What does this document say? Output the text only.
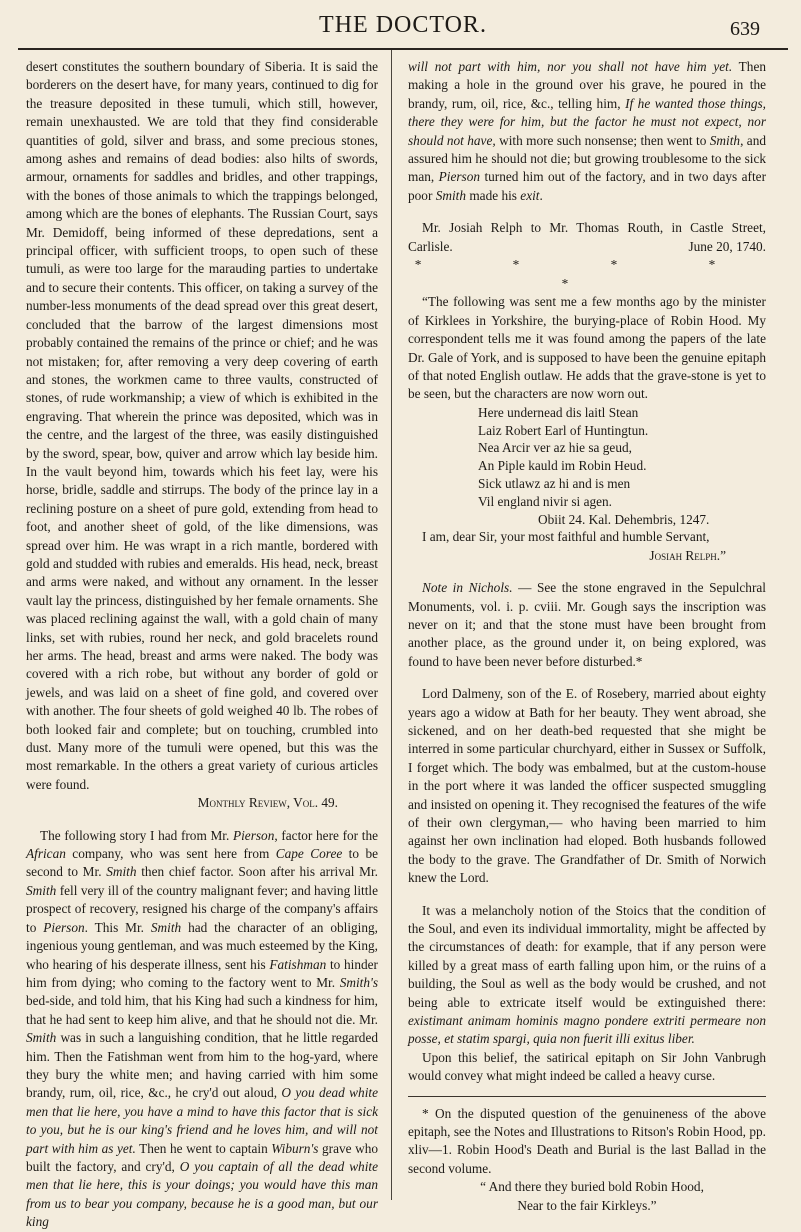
THE DOCTOR.	639

desert constitutes the southern boundary of Siberia. It is said the borderers on the desert have, for many years, continued to dig for the treasure deposited in these tumuli, which still, however, remain unexhausted. We are told that they find considerable quantities of gold, silver and brass, and some precious stones, among ashes and remains of dead bodies: also hilts of swords, armour, ornaments for saddles and bridles, and other trappings, with the bones of those animals to which the trappings belonged, among which are the bones of elephants. The Russian Court, says Mr. Demidoff, being informed of these depredations, sent a principal officer, with sufficient troops, to open such of these tumuli, as were too large for the marauding parties to undertake and to secure their contents. This officer, on taking a survey of the number-less monuments of the dead spread over this great desert, concluded that the barrow of the largest dimensions most probably contained the remains of the prince or chief; and he was not mistaken; for, after removing a very deep covering of earth and stones, the workmen came to three vaults, constructed of stones, of rude workmanship; a view of which is exhibited in the engraving. That wherein the prince was deposited, which was in the centre, and the largest of the three, was easily distinguished by the sword, spear, bow, quiver and arrow which lay beside him. In the vault beyond him, towards which his feet lay, were his horse, bridle, saddle and stirrups. The body of the prince lay in a reclining posture on a sheet of pure gold, extending from head to foot, and another sheet of gold, of the like dimensions, was spread over him. He was wrapt in a rich mantle, bordered with gold and studded with rubies and emeralds. His head, neck, breast and arms were naked, and without any ornament. In the lesser vault lay the princess, distinguished by her female ornaments. She was placed reclining against the wall, with a gold chain of many links, set with rubies, round her neck, and gold bracelets round her arms. The head, breast and arms were naked. The body was covered with a rich robe, but without any border of gold or jewels, and was laid on a sheet of fine gold, and covered over with another. The four sheets of gold weighed 40 lb. The robes of both looked fair and complete; but on touching, crumbled into dust. Many more of the tumuli were opened, but this was the most remarkable. In the others a great variety of curious articles were found.

Monthly Review, Vol. 49.

The following story I had from Mr. Pierson, factor here for the African company, who was sent here from Cape Coree to be second to Mr. Smith then chief factor. Soon after his arrival Mr. Smith fell very ill of the country malignant fever; and having little prospect of recovery, resigned his charge of the company's affairs to Pierson. This Mr. Smith had the character of an obliging, ingenious young gentleman, and was much esteemed by the King, who hearing of his desperate illness, sent his Fatishman to hinder him from dying; who coming to the factory went to Mr. Smith's bed-side, and told him, that his King had such a kindness for him, that he had sent to keep him alive, and that he should not die. Mr. Smith was in such a languishing condition, that he little regarded him. Then the Fatishman went from him to the hog-yard, where they bury the white men; and having carried with him some brandy, rum, oil, rice, &c., he cry'd out aloud, O you dead white men that lie here, you have a mind to have this factor that is sick to you, but he is our king's friend and he loves him, and will not part with him as yet. Then he went to captain Wiburn's grave who built the factory, and cry'd, O you captain of all the dead white men that lie here, this is your doings; you would have this man from us to bear you company, because he is a good man, but our king

will not part with him, nor you shall not have him yet. Then making a hole in the ground over his grave, he poured in the brandy, rum, oil, rice, &c., telling him, If he wanted those things, there they were for him, but the factor he must not expect, nor should not have, with more such nonsense; then went to Smith, and assured him he should not die; but growing troublesome to the sick man, Pierson turned him out of the factory, and in two days after poor Smith made his exit.

Mr. Josiah Relph to Mr. Thomas Routh, in Castle Street, Carlisle.	June 20, 1740.
* * * * *

“The following was sent me a few months ago by the minister of Kirklees in Yorkshire, the burying-place of Robin Hood. My correspondent tells me it was found among the papers of the late Dr. Gale of York, and is supposed to have been the genuine epitaph of that noted English outlaw. He adds that the grave-stone is yet to be seen, but the characters are now worn out.

Here undernead dis laitl Stean
Laiz Robert Earl of Huntingtun.
Nea Arcir ver az hie sa geud,
An Piple kauld im Robin Heud.
Sick utlawz az hi and is men
Vil england nivir si agen.
Obiit 24. Kal. Dehembris, 1247.

I am, dear Sir, your most faithful and humble Servant,

Josiah Relph.”

Note in Nichols. — See the stone engraved in the Sepulchral Monuments, vol. i. p. cviii. Mr. Gough says the inscription was never on it; and that the stone must have been brought from another place, as the ground under it, on being explored, was found to have been never before disturbed.*

Lord Dalmeny, son of the E. of Rosebery, married about eighty years ago a widow at Bath for her beauty. They went abroad, she sickened, and on her death-bed requested that she might be interred in some particular churchyard, either in Sussex or Suffolk, I forget which. The body was embalmed, but at the custom-house in the port where it was landed the officer suspected smuggling and insisted on opening it. They recognised the features of the wife of their own clergyman,— who having been married to him against her own inclination had eloped. Both husbands followed the body to the grave. The Grandfather of Dr. Smith of Norwich knew the Lord.

It was a melancholy notion of the Stoics that the condition of the Soul, and even its individual immortality, might be affected by the circumstances of death: for example, that if any person were killed by a great mass of earth falling upon him, or the ruins of a building, the Soul as well as the body would be crushed, and not being able to extricate itself would be extinguished there: existimant animam hominis magno pondere extriti permeare non posse, et statim spargi, quia non fuerit illi exitus liber.

Upon this belief, the satirical epitaph on Sir John Vanbrugh would convey what might indeed be called a heavy curse.

* On the disputed question of the genuineness of the above epitaph, see the Notes and Illustrations to Ritson's Robin Hood, pp. xliv—1. Robin Hood's Death and Burial is the last Ballad in the second volume.

“ And there they buried bold Robin Hood,
Near to the fair Kirkleys.”
